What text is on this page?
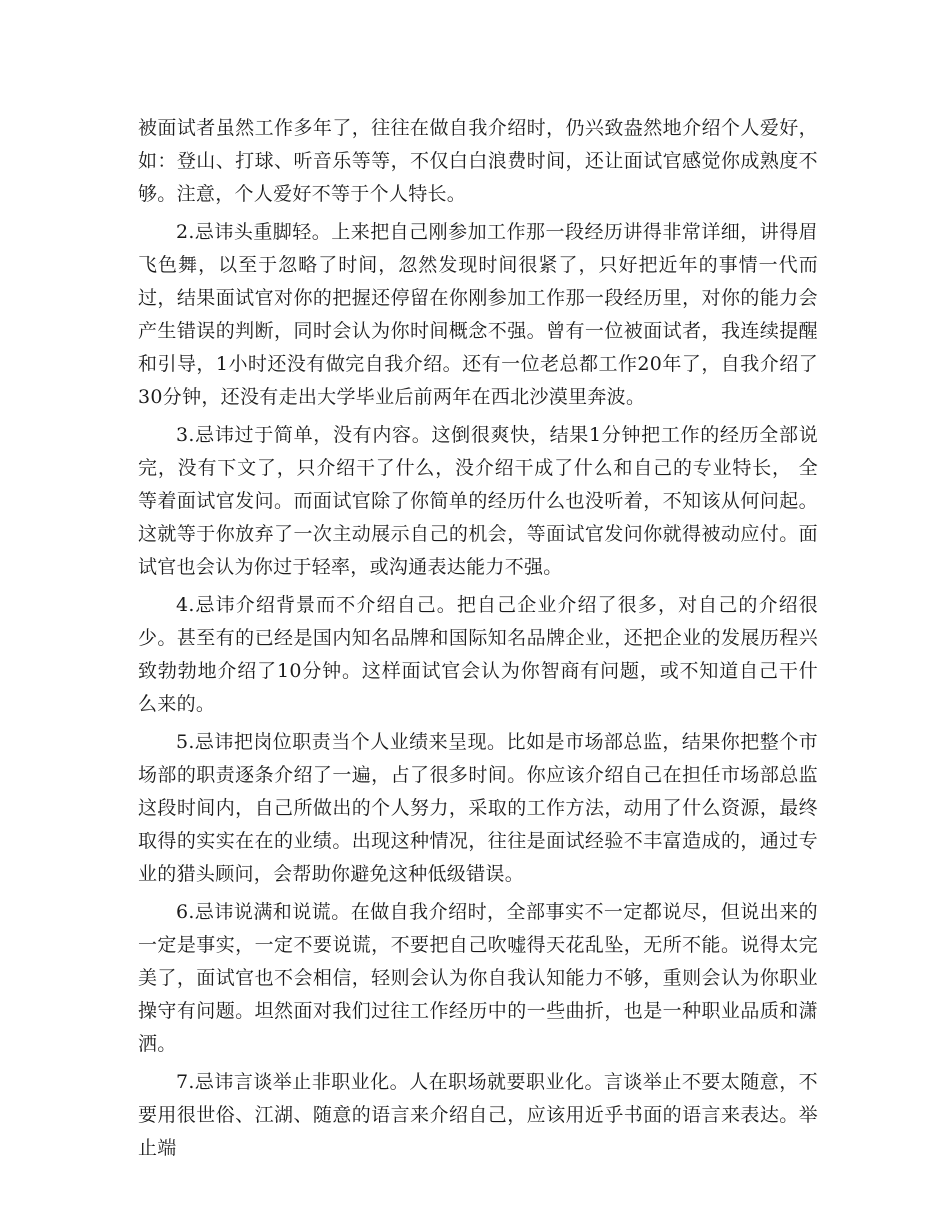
被面试者虽然工作多年了，往往在做自我介绍时，仍兴致盎然地介绍个人爱好，如：登山、打球、听音乐等等，不仅白白浪费时间，还让面试官感觉你成熟度不够。注意，个人爱好不等于个人特长。

2.忌讳头重脚轻。上来把自己刚参加工作那一段经历讲得非常详细，讲得眉飞色舞，以至于忽略了时间，忽然发现时间很紧了，只好把近年的事情一代而过，结果面试官对你的把握还停留在你刚参加工作那一段经历里，对你的能力会产生错误的判断，同时会认为你时间概念不强。曾有一位被面试者，我连续提醒和引导，1小时还没有做完自我介绍。还有一位老总都工作20年了，自我介绍了30分钟，还没有走出大学毕业后前两年在西北沙漠里奔波。

3.忌讳过于简单，没有内容。这倒很爽快，结果1分钟把工作的经历全部说完，没有下文了，只介绍干了什么，没介绍干成了什么和自己的专业特长， 全等着面试官发问。而面试官除了你简单的经历什么也没听着，不知该从何问起。这就等于你放弃了一次主动展示自己的机会，等面试官发问你就得被动应付。面试官也会认为你过于轻率，或沟通表达能力不强。

4.忌讳介绍背景而不介绍自己。把自己企业介绍了很多，对自己的介绍很少。甚至有的已经是国内知名品牌和国际知名品牌企业，还把企业的发展历程兴致勃勃地介绍了10分钟。这样面试官会认为你智商有问题，或不知道自己干什么来的。

5.忌讳把岗位职责当个人业绩来呈现。比如是市场部总监，结果你把整个市场部的职责逐条介绍了一遍，占了很多时间。你应该介绍自己在担任市场部总监这段时间内，自己所做出的个人努力，采取的工作方法，动用了什么资源，最终取得的实实在在的业绩。出现这种情况，往往是面试经验不丰富造成的，通过专业的猎头顾问，会帮助你避免这种低级错误。

6.忌讳说满和说谎。在做自我介绍时，全部事实不一定都说尽，但说出来的一定是事实，一定不要说谎，不要把自己吹嘘得天花乱坠，无所不能。说得太完美了，面试官也不会相信，轻则会认为你自我认知能力不够，重则会认为你职业操守有问题。坦然面对我们过往工作经历中的一些曲折，也是一种职业品质和潇洒。

7.忌讳言谈举止非职业化。人在职场就要职业化。言谈举止不要太随意，不要用很世俗、江湖、随意的语言来介绍自己，应该用近乎书面的语言来表达。举止端
